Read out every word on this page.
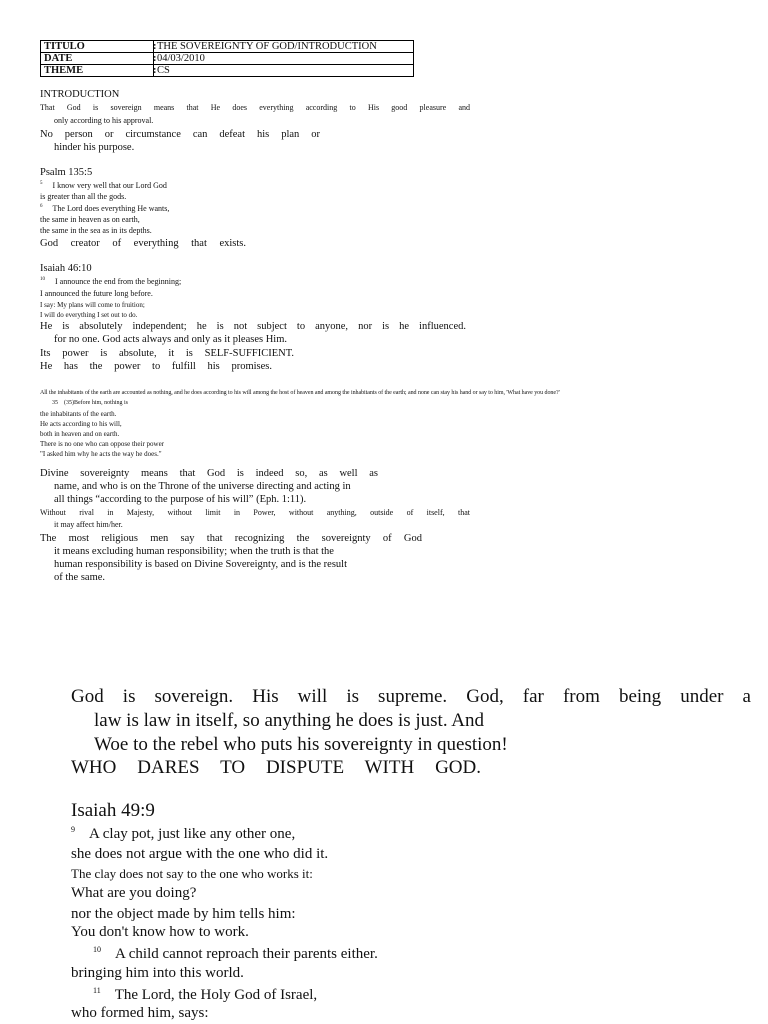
TITULO :	THE SOVEREIGNTY OF GOD/INTRODUCTION
DATE :	04/03/2010
THEME :	CS
INTRODUCTION
That God is sovereign means that He does everything according to His good pleasure and
only according to his approval.
No person or circumstance can defeat his plan or
hinder his purpose.
Psalm 135:5
$^5$ I know very well that our Lord God
is greater than all the gods.
$^6$ The Lord does everything He wants,
the same in heaven as on earth,
the same in the sea as in its depths.
God creator of everything that exists.
Isaiah 46:10
$^{10}$ I announce the end from the beginning;
I announced the future long before.
I say: My plans will come to fruition;
I will do everything I set out to do.
He is absolutely independent; he is not subject to anyone, nor is he influenced.
for no one. God acts always and only as it pleases Him.
Its power is absolute, it is SELF-SUFFICIENT.
He has the power to fulfill his promises.
All the inhabitants of the earth are accounted as nothing, and he does according to his will among the host of heaven and among the inhabitants of the earth; and none can stay his hand or say to him, 'What have you done?'
35 (35)Before him, nothing is
the inhabitants of the earth.
He acts according to his will,
both in heaven and on earth.
There is no one who can oppose their power
"I asked him why he acts the way he does."
Divine sovereignty means that God is indeed so, as well as
name, and who is on the Throne of the universe directing and acting in
all things “according to the purpose of his will” (Eph. 1:11).
Without rival in Majesty, without limit in Power, without anything, outside of itself, that
it may affect him/her.
The most religious men say that recognizing the sovereignty of God
it means excluding human responsibility; when the truth is that the
human responsibility is based on Divine Sovereignty, and is the result
of the same.
God is sovereign. His will is supreme. God, far from being under a
law is law in itself, so anything he does is just. And
Woe to the rebel who puts his sovereignty in question!
WHO DARES TO DISPUTE WITH GOD.
Isaiah 49:9
$^9$ A clay pot, just like any other one,
she does not argue with the one who did it.
The clay does not say to the one who works it:
What are you doing?
nor the object made by him tells him:
You don't know how to work.
$^{10}$ A child cannot reproach their parents either.
bringing him into this world.
$^{11}$ The Lord, the Holy God of Israel,
who formed him, says:
